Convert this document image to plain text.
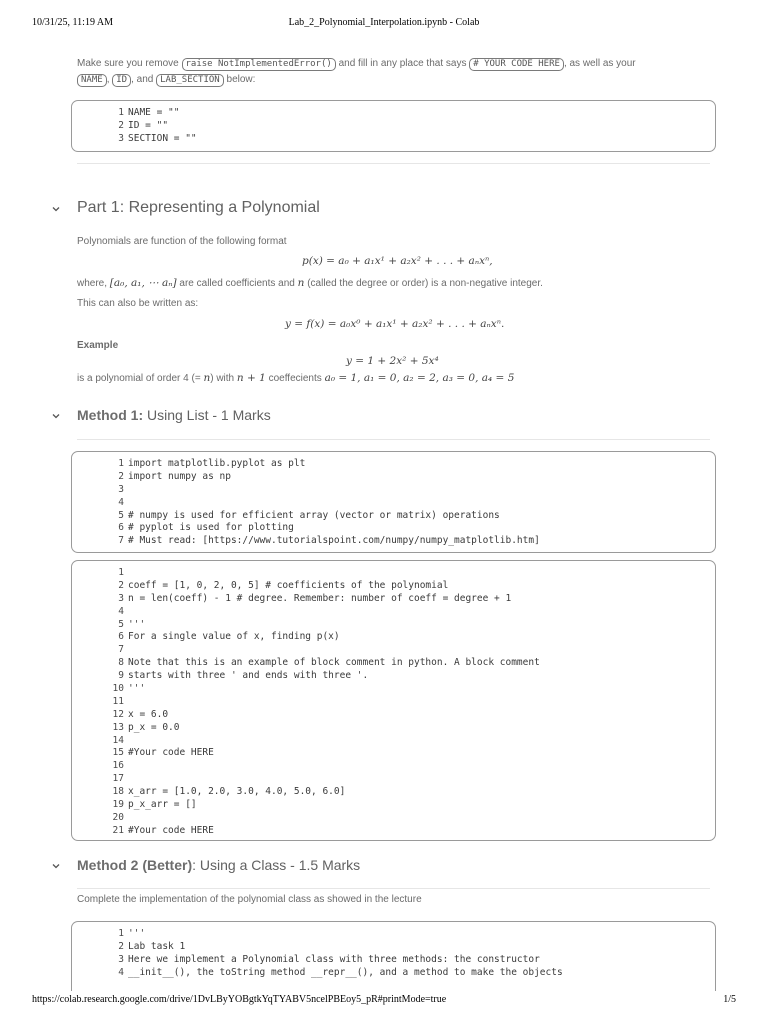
10/31/25, 11:19 AM	Lab_2_Polynomial_Interpolation.ipynb - Colab
Make sure you remove raise NotImplementedError() and fill in any place that says # YOUR CODE HERE , as well as your
NAME , ID , and LAB_SECTION below:
1 NAME = ""
2 ID = ""
3 SECTION = ""
Part 1: Representing a Polynomial
Polynomials are function of the following format
p(x) = a₀ + a₁x¹ + a₂x² + . . . + aₙxⁿ,
where, [a₀, a₁, ⋯ aₙ] are called coefficients and n (called the degree or order) is a non-negative integer.
This can also be written as:
y = f(x) = a₀x⁰ + a₁x¹ + a₂x² + . . . + aₙxⁿ.
Example
y = 1 + 2x² + 5x⁴
is a polynomial of order 4 (= n) with n + 1 coeffecients a₀ = 1, a₁ = 0, a₂ = 2, a₃ = 0, a₄ = 5
Method 1: Using List - 1 Marks
1 import matplotlib.pyplot as plt
2 import numpy as np
3
4
5 # numpy is used for efficient array (vector or matrix) operations
6 # pyplot is used for plotting
7 # Must read: [https://www.tutorialspoint.com/numpy/numpy_matplotlib.htm]
1
2 coeff = [1, 0, 2, 0, 5] # coefficients of the polynomial
3 n = len(coeff) - 1 # degree. Remember: number of coeff = degree + 1
4
5 '''
6 For a single value of x, finding p(x)
7
8 Note that this is an example of block comment in python. A block comment
9 starts with three ' and ends with three '.
10 '''
11
12 x = 6.0
13 p_x = 0.0
14
15 #Your code HERE
16
17
18 x_arr = [1.0, 2.0, 3.0, 4.0, 5.0, 6.0]
19 p_x_arr = []
20
21 #Your code HERE
Method 2 (Better): Using a Class - 1.5 Marks
Complete the implementation of the polynomial class as showed in the lecture
1 '''
2 Lab task 1
3 Here we implement a Polynomial class with three methods: the constructor
4 __init__(), the toString method __repr__(), and a method to make the objects
https://colab.research.google.com/drive/1DvLByYOBgtkYqTYABV5ncelPBEoy5_pR#printMode=true	1/5
